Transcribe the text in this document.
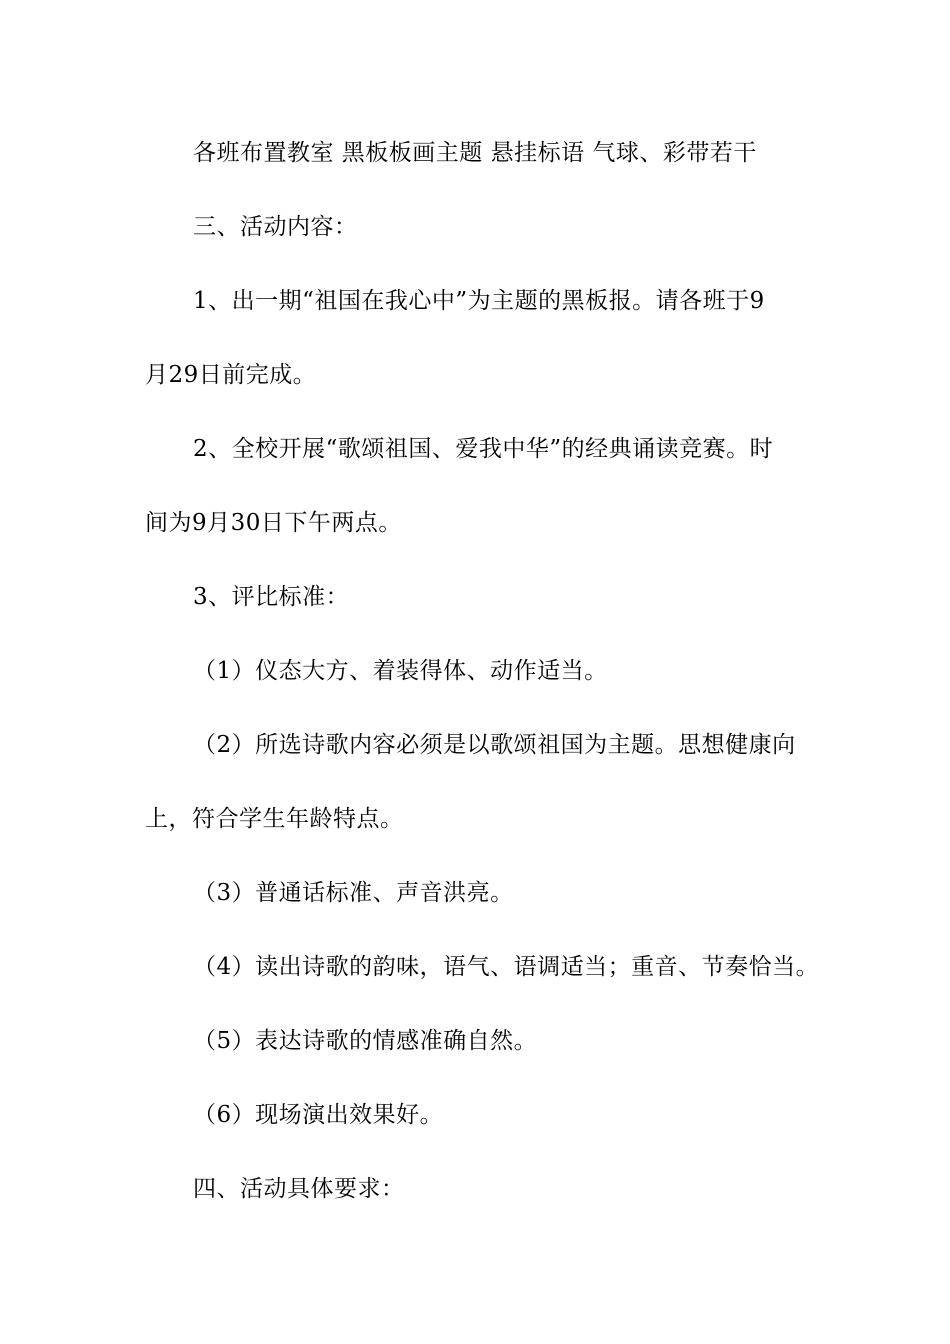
各班布置教室 黑板板画主题 悬挂标语 气球、彩带若干
三、活动内容：
1、出一期“祖国在我心中”为主题的黑板报。请各班于9
月29日前完成。
2、全校开展“歌颂祖国、爱我中华”的经典诵读竞赛。时
间为9月30日下午两点。
3、评比标准：
（1）仪态大方、着装得体、动作适当。
（2）所选诗歌内容必须是以歌颂祖国为主题。思想健康向
上，符合学生年龄特点。
（3）普通话标准、声音洪亮。
（4）读出诗歌的韵味，语气、语调适当；重音、节奏恰当。
（5）表达诗歌的情感准确自然。
（6）现场演出效果好。
四、活动具体要求：
